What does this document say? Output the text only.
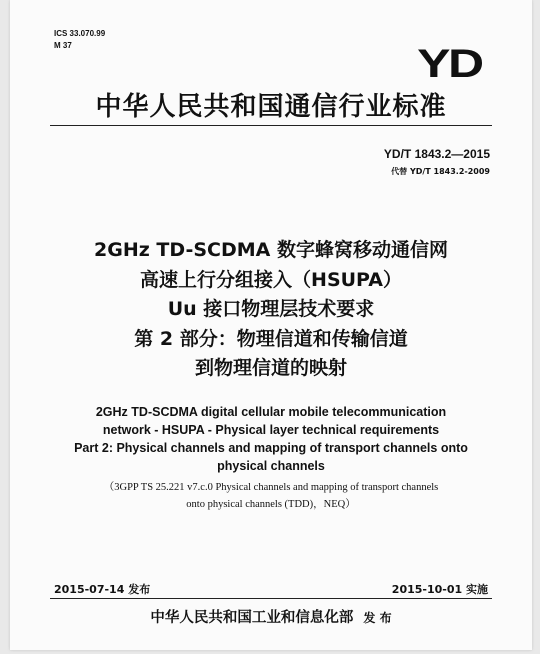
ICS 33.070.99
M 37	YD
中华人民共和国通信行业标准
YD/T 1843.2—2015
代替 YD/T 1843.2-2009
2GHz TD-SCDMA 数字蜂窝移动通信网
高速上行分组接入（HSUPA）
Uu 接口物理层技术要求
第 2 部分：物理信道和传输信道
到物理信道的映射
2GHz TD-SCDMA digital cellular mobile telecommunication
network - HSUPA - Physical layer technical requirements
Part 2: Physical channels and mapping of transport channels onto
physical channels
（3GPP TS 25.221 v7.c.0 Physical channels and mapping of transport channels
onto physical channels (TDD)，NEQ）
2015-07-14 发布	2015-10-01 实施
中华人民共和国工业和信息化部 发 布
